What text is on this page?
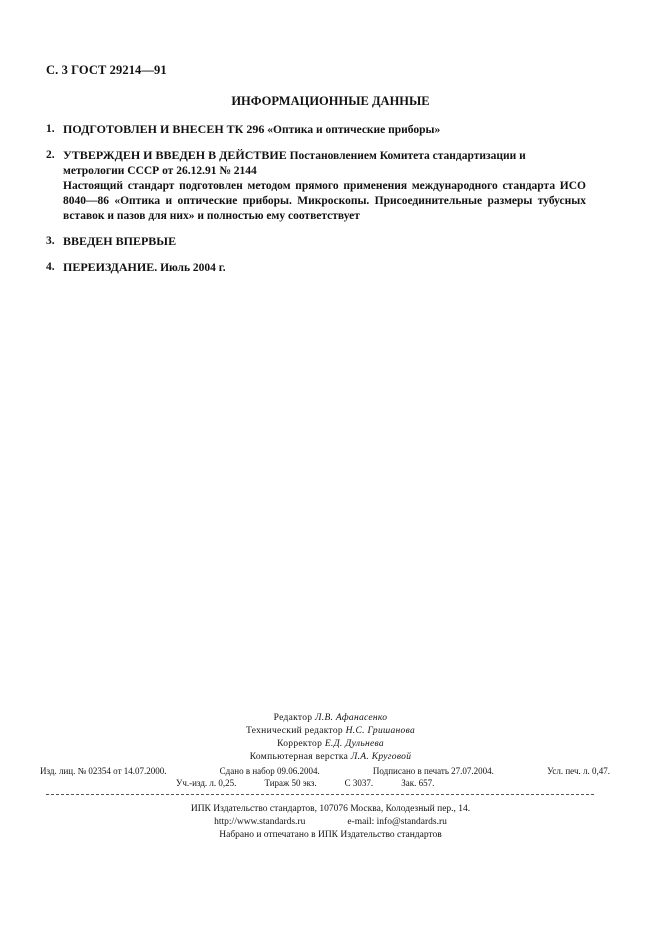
С. 3 ГОСТ 29214—91
ИНФОРМАЦИОННЫЕ ДАННЫЕ
1. ПОДГОТОВЛЕН И ВНЕСЕН ТК 296 «Оптика и оптические приборы»
2. УТВЕРЖДЕН И ВВЕДЕН В ДЕЙСТВИЕ Постановлением Комитета стандартизации и метрологии СССР от 26.12.91 № 2144
Настоящий стандарт подготовлен методом прямого применения международного стандарта ИСО 8040—86 «Оптика и оптические приборы. Микроскопы. Присоединительные размеры тубусных вставок и пазов для них» и полностью ему соответствует
3. ВВЕДЕН ВПЕРВЫЕ
4. ПЕРЕИЗДАНИЕ. Июль 2004 г.
Редактор Л.В. Афанасенко
Технический редактор Н.С. Гришанова
Корректор Е.Д. Дульнева
Компьютерная верстка Л.А. Круговой
Изд. лиц. № 02354 от 14.07.2000.	Сдано в набор 09.06.2004.	Подписано в печать 27.07.2004.	Усл. печ. л. 0,47.
Уч.-изд. л. 0,25.	Тираж 50 экз.	С 3037.	Зак. 657.
ИПК Издательство стандартов, 107076 Москва, Колодезный пер., 14.
http://www.standards.ru	e-mail: info@standards.ru
Набрано и отпечатано в ИПК Издательство стандартов
